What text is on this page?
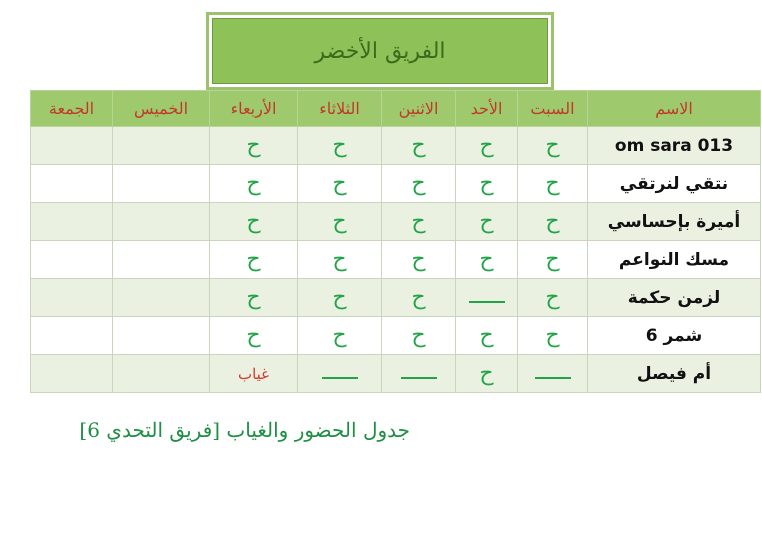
الفريق الأخضر
الاسم	السبت	الأحد	الاثنين	الثلاثاء	الأربعاء	الخميس	الجمعة
om sara 013	ح	ح	ح	ح	ح		
نتقي لنرتقي	ح	ح	ح	ح	ح		
أميرة بإحساسي	ح	ح	ح	ح	ح		
مسك النواعم	ح	ح	ح	ح	ح		
لزمن حكمة	ح		ح	ح	ح		
شمر 6	ح	ح	ح	ح	ح		
أم فيصل		ح			غياب		
جدول الحضور والغياب [فريق التحدي 6]
